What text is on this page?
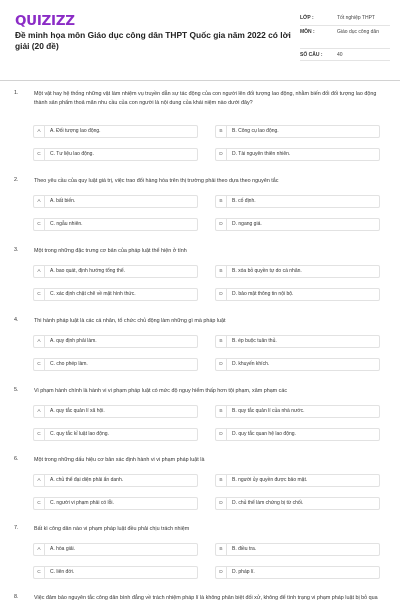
QUIZIZZ
Đề minh họa môn Giáo dục công dân THPT Quốc gia năm 2022 có lời giải (20 đề)
LỚP :	Tốt nghiệp THPT
MÔN :	Giáo dục công dân
SỐ CÂU :	40
1.	Một vật hay hệ thống những vật làm nhiệm vụ truyền dẫn sự tác động của con người lên đối tượng lao động, nhằm biến đối đối tượng lao động thành sản phẩm thoả mãn nhu cầu của con người là nội dung của khái niệm nào dưới đây?
A	A. Đối tượng lao động.	B	B. Công cụ lao động.
C	C. Tư liệu lao động.	D	D. Tài nguyên thiên nhiên.
2.	Theo yêu cầu của quy luật giá trị, việc trao đổi hàng hóa trên thị trường phải theo dựa theo nguyên tắc
A	A. bất biến.	B	B. cố định.
C	C. ngẫu nhiên.	D	D. ngang giá.
3.	Một trong những đặc trưng cơ bản của pháp luật thể hiện ở tính
A	A. bao quát, định hướng tổng thể.	B	B. xóa bỏ quyền tự do cá nhân.
C	C. xác định chặt chẽ về mặt hình thức.	D	D. bảo mật thông tin nội bộ.
4.	Thi hành pháp luật là các cá nhân, tổ chức chủ động làm những gì mà pháp luật
A	A. quy định phải làm.	B	B. ép buộc tuân thủ.
C	C. cho phép làm.	D	D. khuyến khích.
5.	Vi phạm hành chính là hành vi vi phạm pháp luật có mức độ nguy hiểm thấp hơn tội phạm, xâm phạm các
A	A. quy tắc quản lí xã hội.	B	B. quy tắc quản lí của nhà nước.
C	C. quy tắc kỉ luật lao động.	D	D. quy tắc quan hệ lao động.
6.	Một trong những dấu hiệu cơ bản xác định hành vi vi phạm pháp luật là
A	A. chủ thể đại diện phải ẩn danh.	B	B. người ủy quyền được bảo mật.
C	C. người vi phạm phải có lỗi.	D	D. chủ thể làm chứng bị từ chối.
7.	Bất kì công dân nào vi phạm pháp luật đều phải chịu trách nhiệm
A	A. hòa giải.	B	B. điều tra.
C	C. liên đới.	D	D. pháp lí.
8.	Việc đảm bảo nguyên tắc công dân bình đẳng về trách nhiệm pháp lí là không phân biệt đối xử, không để tình trạng vi phạm pháp luật bị bỏ qua
